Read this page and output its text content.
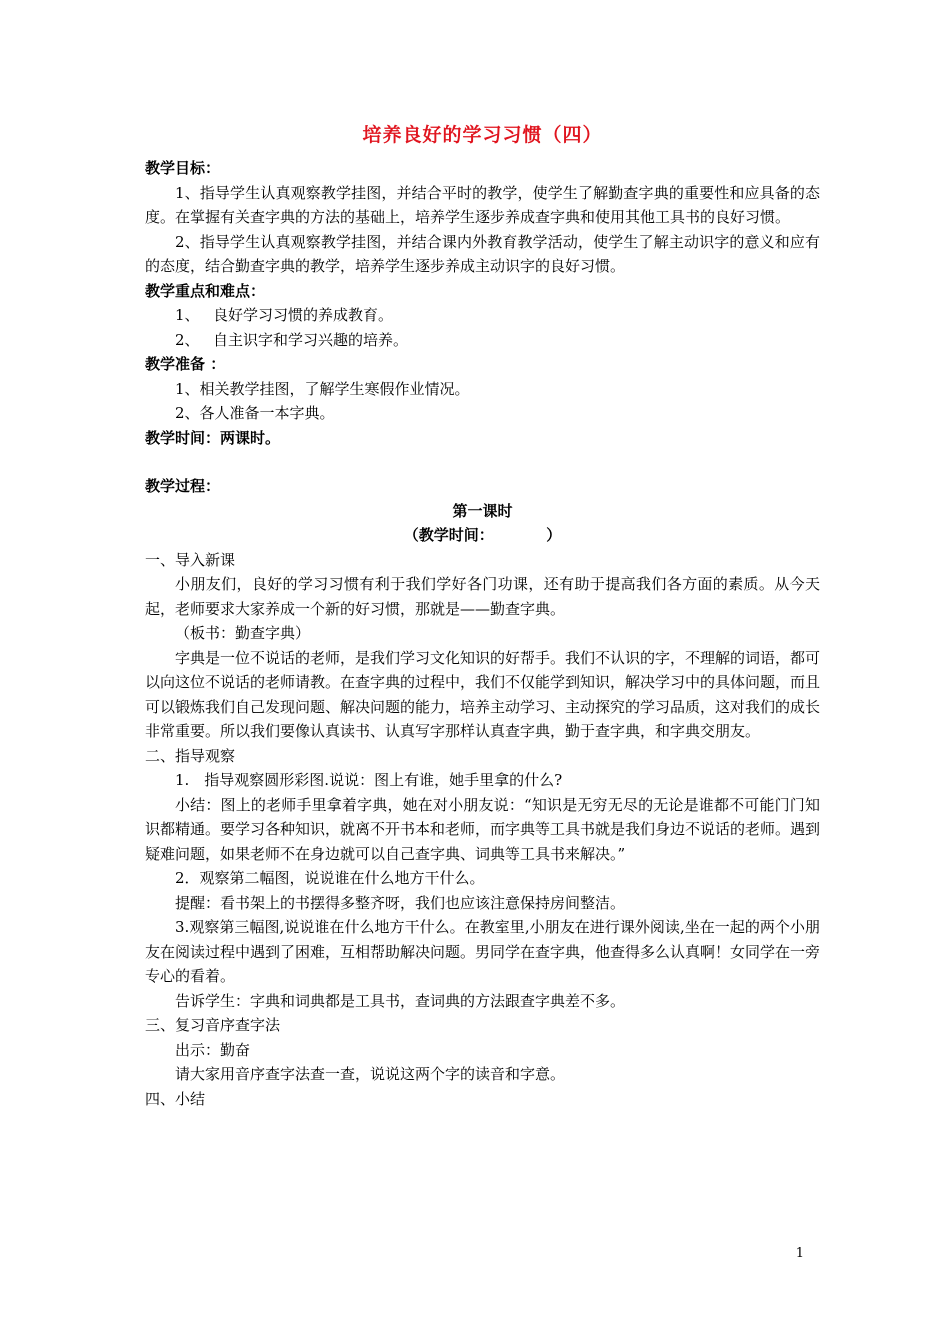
培养良好的学习习惯（四）

教学目标：

1、指导学生认真观察教学挂图，并结合平时的教学，使学生了解勤查字典的重要性和应具备的态度。在掌握有关查字典的方法的基础上，培养学生逐步养成查字典和使用其他工具书的良好习惯。

2、指导学生认真观察教学挂图，并结合课内外教育教学活动，使学生了解主动识字的意义和应有的态度，结合勤查字典的教学，培养学生逐步养成主动识字的良好习惯。

教学重点和难点：

1、 良好学习习惯的养成教育。

2、 自主识字和学习兴趣的培养。

教学准备 ：

1、相关教学挂图，了解学生寒假作业情况。

2、各人准备一本字典。

教学时间：两课时。

教学过程：

第一课时

（教学时间：　　　　）

一、导入新课

小朋友们，良好的学习习惯有利于我们学好各门功课，还有助于提高我们各方面的素质。从今天起，老师要求大家养成一个新的好习惯，那就是——勤查字典。

（板书：勤查字典）

字典是一位不说话的老师，是我们学习文化知识的好帮手。我们不认识的字，不理解的词语，都可以向这位不说话的老师请教。在查字典的过程中，我们不仅能学到知识，解决学习中的具体问题，而且可以锻炼我们自己发现问题、解决问题的能力，培养主动学习、主动探究的学习品质，这对我们的成长非常重要。所以我们要像认真读书、认真写字那样认真查字典，勤于查字典，和字典交朋友。

二、指导观察

1.　指导观察圆形彩图.说说：图上有谁，她手里拿的什么?

小结：图上的老师手里拿着字典，她在对小朋友说：“知识是无穷无尽的无论是谁都不可能门门知识都精通。要学习各种知识，就离不开书本和老师，而字典等工具书就是我们身边不说话的老师。遇到疑难问题，如果老师不在身边就可以自己查字典、词典等工具书来解决。”

2．观察第二幅图，说说谁在什么地方干什么。

提醒：看书架上的书摆得多整齐呀，我们也应该注意保持房间整洁。

3.观察第三幅图,说说谁在什么地方干什么。在教室里,小朋友在进行课外阅读,坐在一起的两个小朋友在阅读过程中遇到了困难，互相帮助解决问题。男同学在查字典，他查得多么认真啊！女同学在一旁专心的看着。

告诉学生：字典和词典都是工具书，查词典的方法跟查字典差不多。

三、复习音序查字法

出示：勤奋

请大家用音序查字法查一查，说说这两个字的读音和字意。

四、小结

1
